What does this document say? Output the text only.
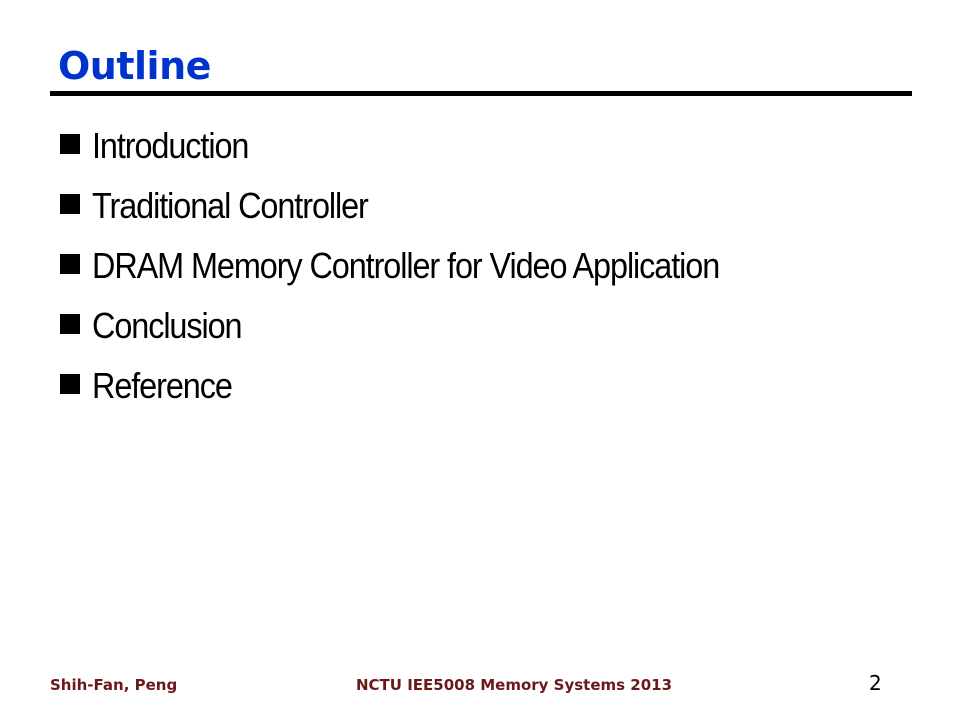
Outline
Introduction
Traditional Controller
DRAM Memory Controller for Video Application
Conclusion
Reference
Shih-Fan, Peng	NCTU IEE5008 Memory Systems 2013	2
